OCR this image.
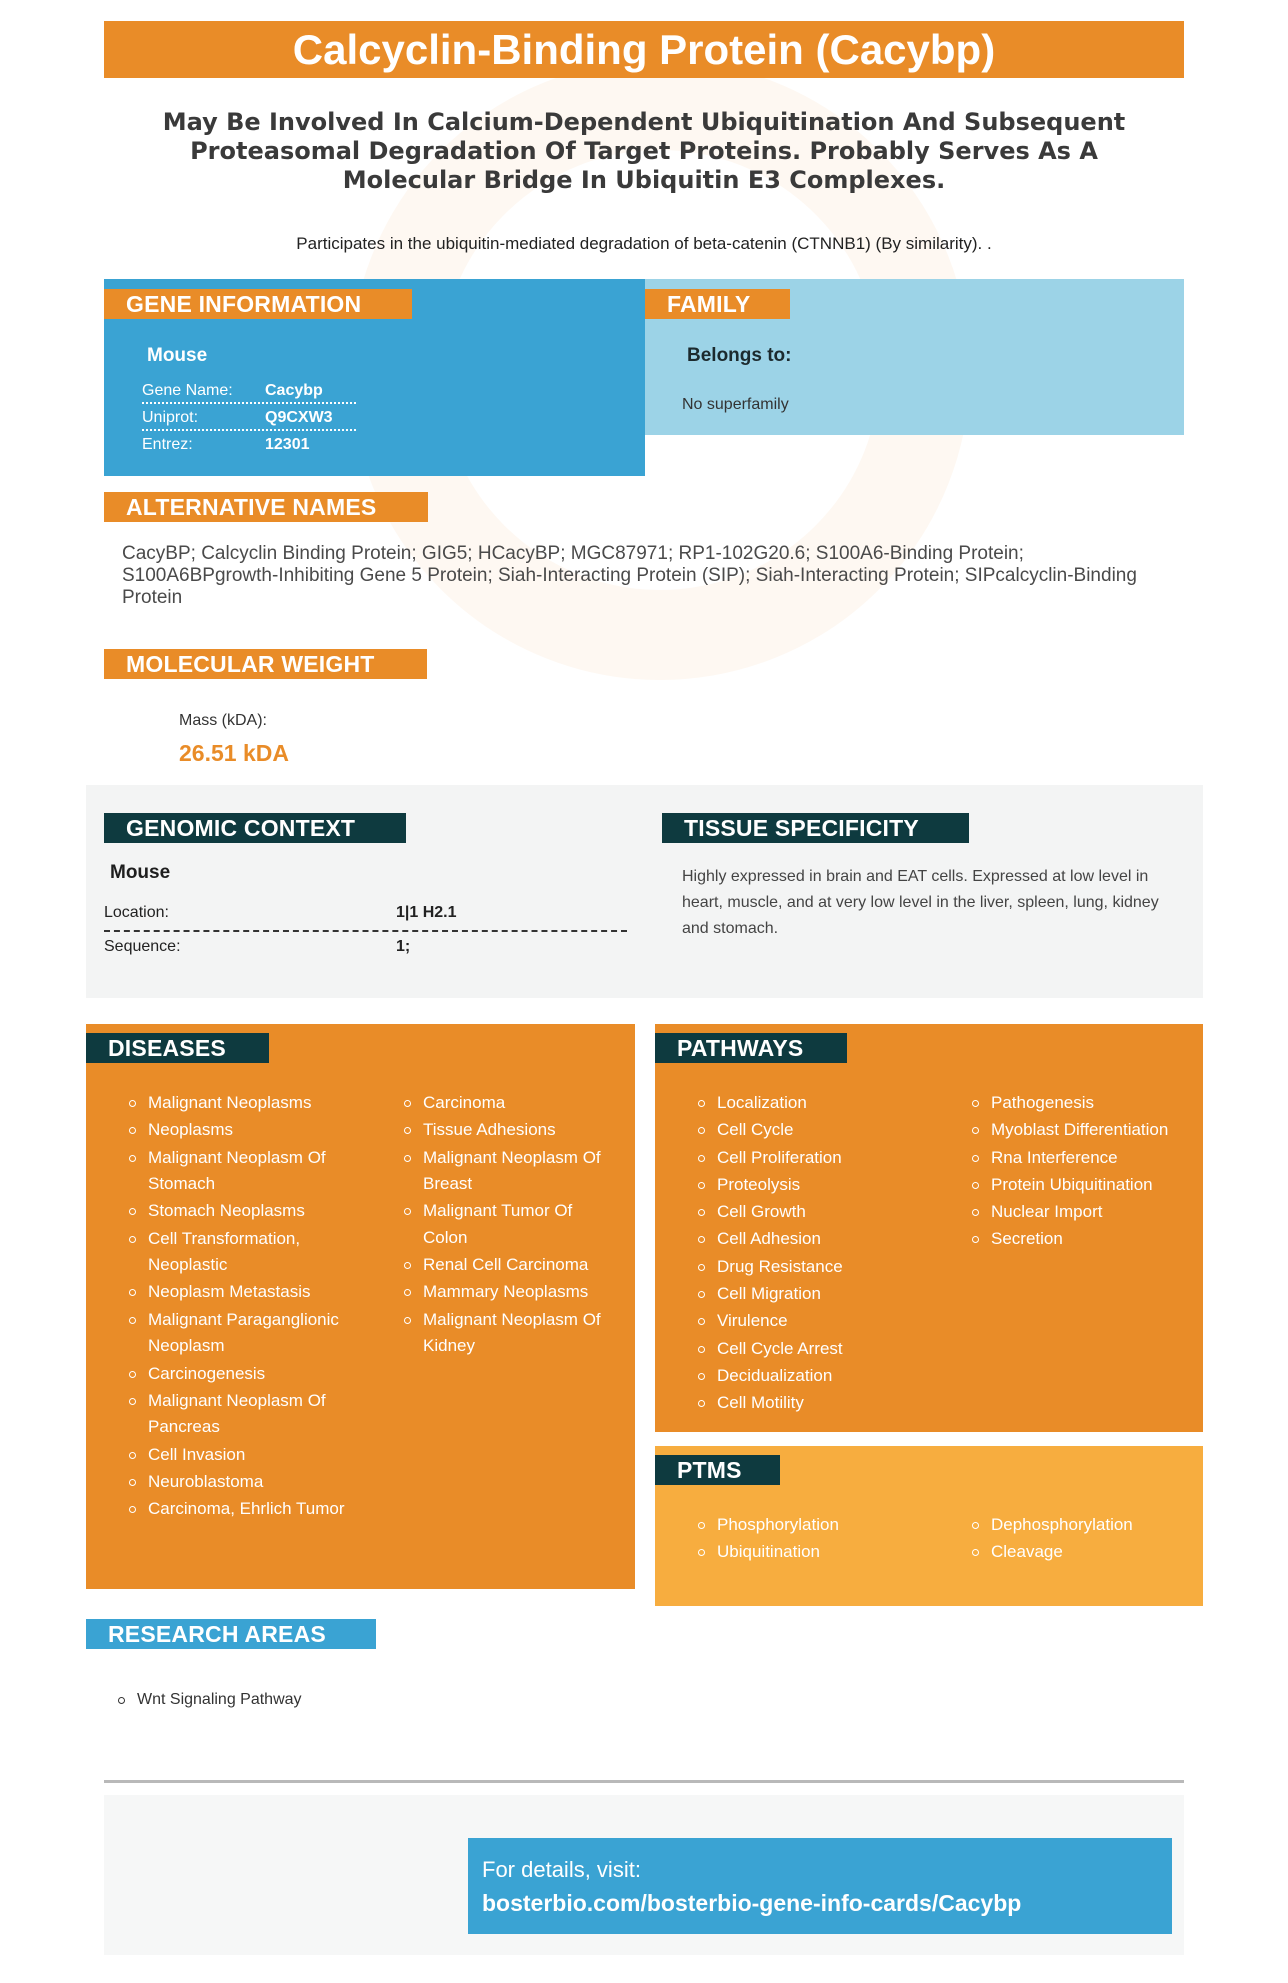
Calcyclin-Binding Protein (Cacybp)
May Be Involved In Calcium-Dependent Ubiquitination And Subsequent Proteasomal Degradation Of Target Proteins. Probably Serves As A Molecular Bridge In Ubiquitin E3 Complexes.
Participates in the ubiquitin-mediated degradation of beta-catenin (CTNNB1) (By similarity). .
GENE INFORMATION
Mouse
Gene Name:	Cacybp
Uniprot:	Q9CXW3
Entrez:	12301
FAMILY
Belongs to:
No superfamily
ALTERNATIVE NAMES
CacyBP; Calcyclin Binding Protein; GIG5; HCacyBP; MGC87971; RP1-102G20.6; S100A6-Binding Protein; S100A6BPgrowth-Inhibiting Gene 5 Protein; Siah-Interacting Protein (SIP); Siah-Interacting Protein; SIPcalcyclin-Binding Protein
MOLECULAR WEIGHT
Mass (kDA):
26.51 kDA
GENOMIC CONTEXT
Mouse
Location:	1|1 H2.1
Sequence:	1;
TISSUE SPECIFICITY
Highly expressed in brain and EAT cells. Expressed at low level in heart, muscle, and at very low level in the liver, spleen, lung, kidney and stomach.
DISEASES
Malignant Neoplasms
Neoplasms
Malignant Neoplasm Of Stomach
Stomach Neoplasms
Cell Transformation, Neoplastic
Neoplasm Metastasis
Malignant Paraganglionic Neoplasm
Carcinogenesis
Malignant Neoplasm Of Pancreas
Cell Invasion
Neuroblastoma
Carcinoma, Ehrlich Tumor
Carcinoma
Tissue Adhesions
Malignant Neoplasm Of Breast
Malignant Tumor Of Colon
Renal Cell Carcinoma
Mammary Neoplasms
Malignant Neoplasm Of Kidney
PATHWAYS
Localization
Cell Cycle
Cell Proliferation
Proteolysis
Cell Growth
Cell Adhesion
Drug Resistance
Cell Migration
Virulence
Cell Cycle Arrest
Decidualization
Cell Motility
Pathogenesis
Myoblast Differentiation
Rna Interference
Protein Ubiquitination
Nuclear Import
Secretion
PTMS
Phosphorylation
Ubiquitination
Dephosphorylation
Cleavage
RESEARCH AREAS
Wnt Signaling Pathway
For details, visit:
bosterbio.com/bosterbio-gene-info-cards/Cacybp
